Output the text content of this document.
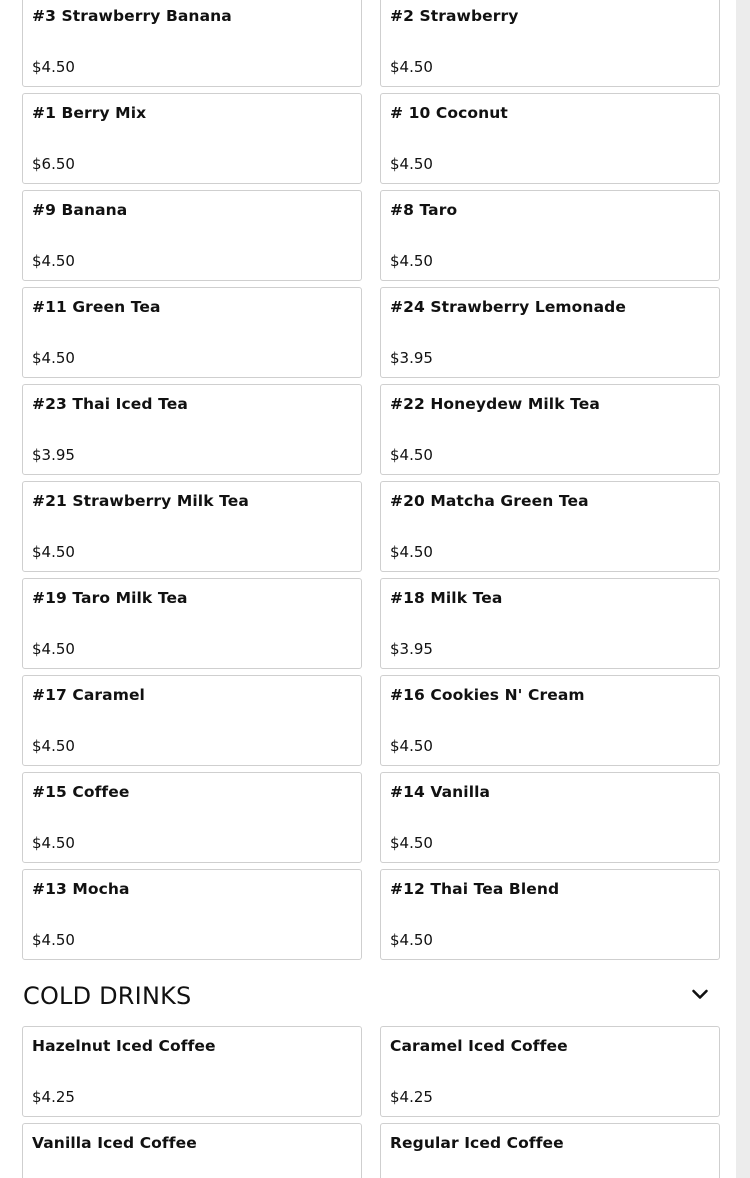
#3 Strawberry Banana
$4.50
#2 Strawberry
$4.50
#1 Berry Mix
$6.50
# 10 Coconut
$4.50
#9 Banana
$4.50
#8 Taro
$4.50
#11 Green Tea
$4.50
#24 Strawberry Lemonade
$3.95
#23 Thai Iced Tea
$3.95
#22 Honeydew Milk Tea
$4.50
#21 Strawberry Milk Tea
$4.50
#20 Matcha Green Tea
$4.50
#19 Taro Milk Tea
$4.50
#18 Milk Tea
$3.95
#17 Caramel
$4.50
#16 Cookies N' Cream
$4.50
#15 Coffee
$4.50
#14 Vanilla
$4.50
#13 Mocha
$4.50
#12 Thai Tea Blend
$4.50
COLD DRINKS
Hazelnut Iced Coffee
$4.25
Caramel Iced Coffee
$4.25
Vanilla Iced Coffee	Regular Iced Coffee
